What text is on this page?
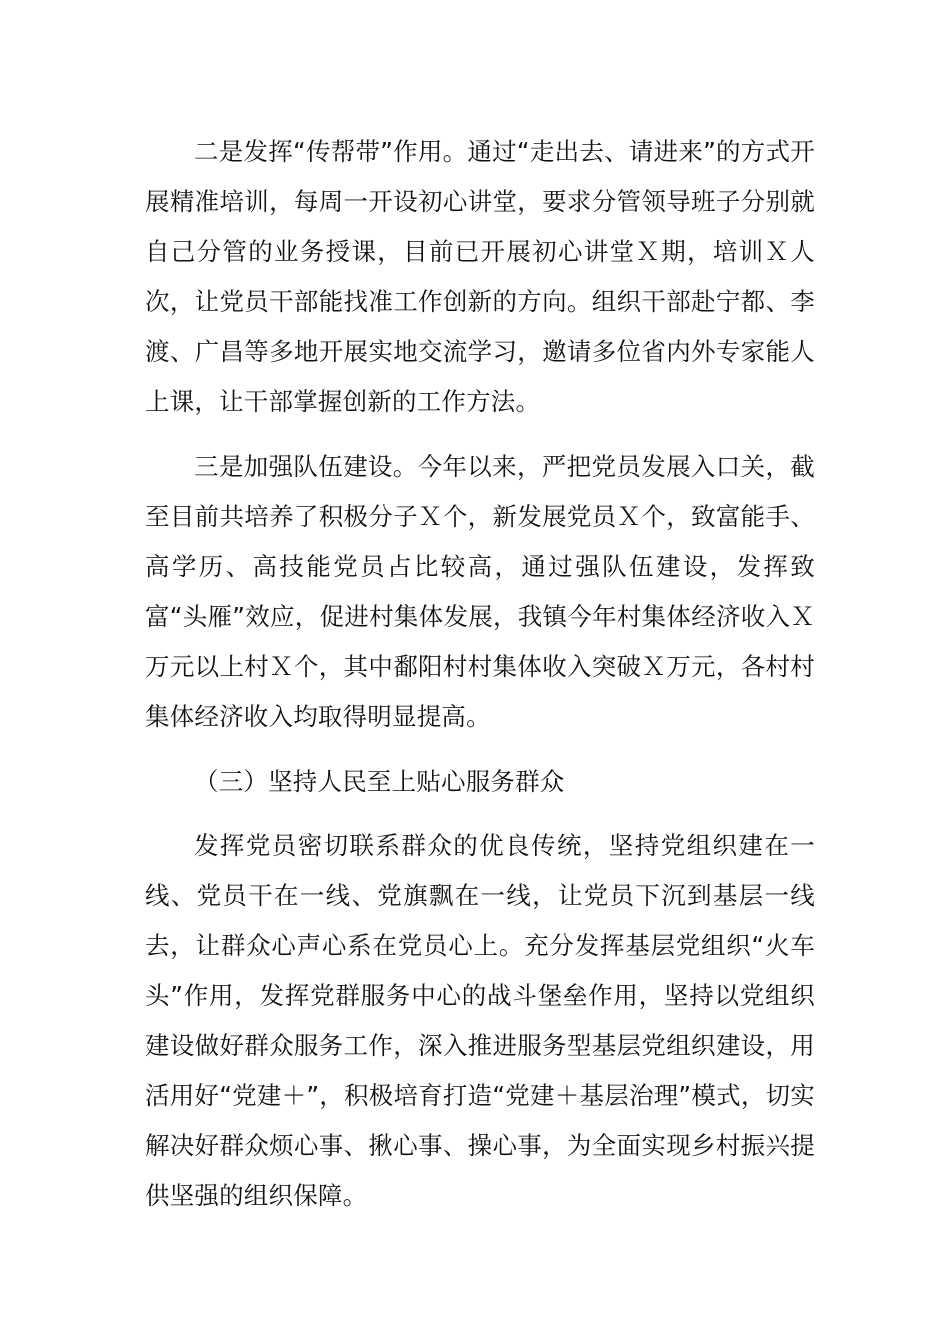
二是发挥“传帮带”作用。通过“走出去、请进来”的方式开展精准培训，每周一开设初心讲堂，要求分管领导班子分别就自己分管的业务授课，目前已开展初心讲堂Ｘ期，培训Ｘ人次，让党员干部能找准工作创新的方向。组织干部赴宁都、李渡、广昌等多地开展实地交流学习，邀请多位省内外专家能人上课，让干部掌握创新的工作方法。

三是加强队伍建设。今年以来，严把党员发展入口关，截至目前共培养了积极分子Ｘ个，新发展党员Ｘ个，致富能手、高学历、高技能党员占比较高，通过强队伍建设，发挥致富“头雁”效应，促进村集体发展，我镇今年村集体经济收入Ｘ万元以上村Ｘ个，其中鄱阳村村集体收入突破Ｘ万元，各村村集体经济收入均取得明显提高。

（三）坚持人民至上贴心服务群众

发挥党员密切联系群众的优良传统，坚持党组织建在一线、党员干在一线、党旗飘在一线，让党员下沉到基层一线去，让群众心声心系在党员心上。充分发挥基层党组织“火车头”作用，发挥党群服务中心的战斗堡垒作用，坚持以党组织建设做好群众服务工作，深入推进服务型基层党组织建设，用活用好“党建＋”，积极培育打造“党建＋基层治理”模式，切实解决好群众烦心事、揪心事、操心事，为全面实现乡村振兴提供坚强的组织保障。
